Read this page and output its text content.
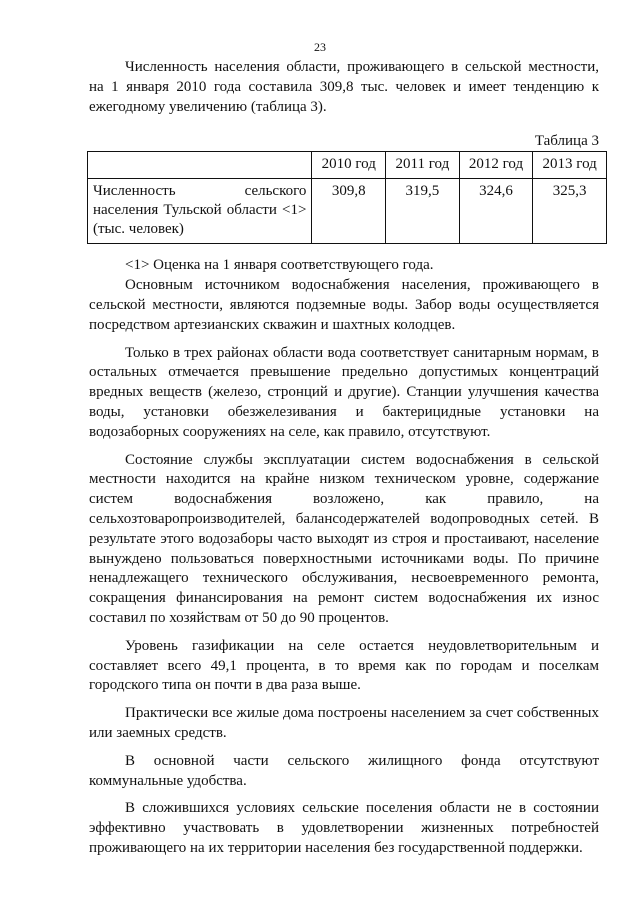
23

Численность населения области, проживающего в сельской местности, на 1 января 2010 года составила 309,8 тыс. человек и имеет тенденцию к ежегодному увеличению (таблица 3).

Таблица 3
	2010 год	2011 год	2012 год	2013 год
Численность сельского населения Тульской области <1> (тыс. человек)	309,8	319,5	324,6	325,3

<1> Оценка на 1 января соответствующего года.

Основным источником водоснабжения населения, проживающего в сельской местности, являются подземные воды. Забор воды осуществляется посредством артезианских скважин и шахтных колодцев.

Только в трех районах области вода соответствует санитарным нормам, в остальных отмечается превышение предельно допустимых концентраций вредных веществ (железо, стронций и другие). Станции улучшения качества воды, установки обезжелезивания и бактерицидные установки на водозаборных сооружениях на селе, как правило, отсутствуют.

Состояние службы эксплуатации систем водоснабжения в сельской местности находится на крайне низком техническом уровне, содержание систем водоснабжения возложено, как правило, на сельхозтоваропроизводителей, балансодержателей водопроводных сетей. В результате этого водозаборы часто выходят из строя и простаивают, население вынуждено пользоваться поверхностными источниками воды. По причине ненадлежащего технического обслуживания, несвоевременного ремонта, сокращения финансирования на ремонт систем водоснабжения их износ составил по хозяйствам от 50 до 90 процентов.

Уровень газификации на селе остается неудовлетворительным и составляет всего 49,1 процента, в то время как по городам и поселкам городского типа он почти в два раза выше.

Практически все жилые дома построены населением за счет собственных или заемных средств.

В основной части сельского жилищного фонда отсутствуют коммунальные удобства.

В сложившихся условиях сельские поселения области не в состоянии эффективно участвовать в удовлетворении жизненных потребностей проживающего на их территории населения без государственной поддержки.
